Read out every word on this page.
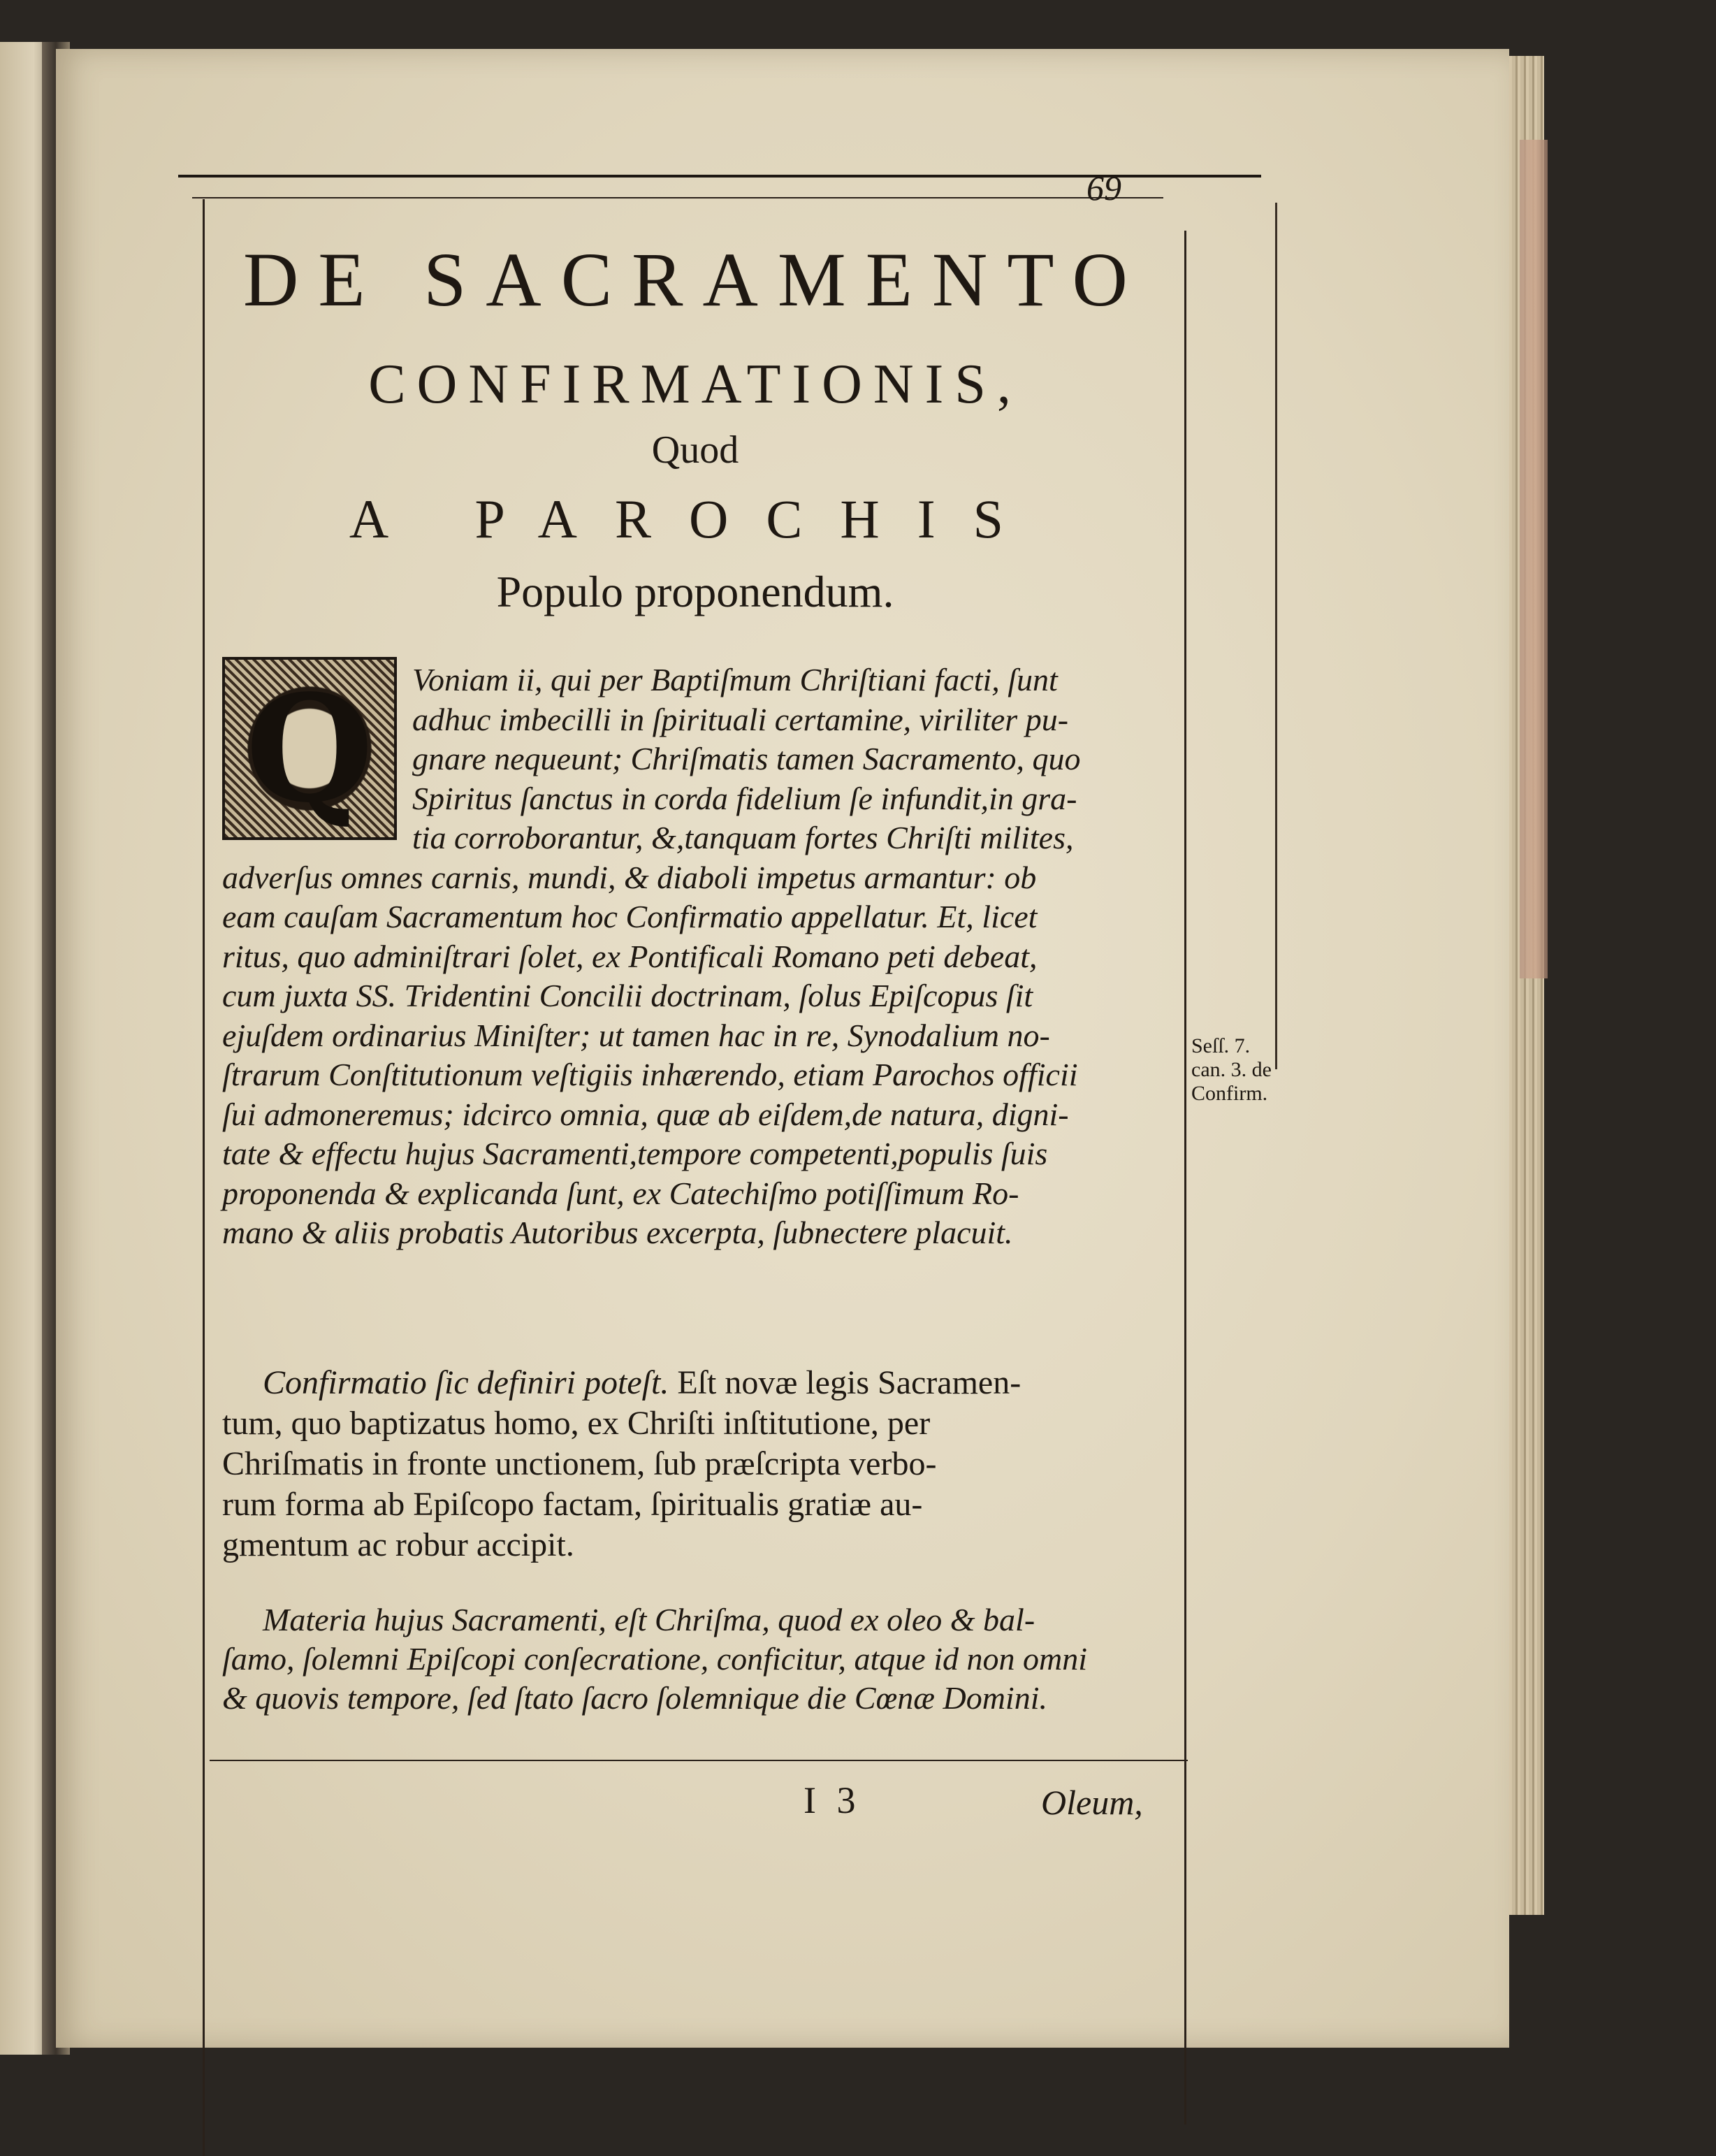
69
DE SACRAMENTO
CONFIRMATIONIS,
Quod
A PAROCHIS
Populo proponendum.
Voniam ii, qui per Baptiſmum Chriſtiani facti, ſunt
adhuc imbecilli in ſpirituali certamine, viriliter pu-
gnare nequeunt; Chriſmatis tamen Sacramento, quo
Spiritus ſanctus in corda fidelium ſe infundit,in gra-
tia corroborantur, &,tanquam fortes Chriſti milites,
adverſus omnes carnis, mundi, & diaboli impetus armantur: ob
eam cauſam Sacramentum hoc Confirmatio appellatur. Et, licet
ritus, quo adminiſtrari ſolet, ex Pontificali Romano peti debeat,
cum juxta SS. Tridentini Concilii doctrinam, ſolus Epiſcopus ſit
ejuſdem ordinarius Miniſter; ut tamen hac in re, Synodalium no-
ſtrarum Conſtitutionum veſtigiis inhærendo, etiam Parochos officii
ſui admoneremus; idcirco omnia, quæ ab eiſdem,de natura, digni-
tate & effectu hujus Sacramenti,tempore competenti,populis ſuis
proponenda & explicanda ſunt, ex Catechiſmo potiſſimum Ro-
mano & aliis probatis Autoribus excerpta, ſubnectere placuit.
Q
Confirmatio ſic definiri poteſt. Eſt novæ legis Sacramen-
tum, quo baptizatus homo, ex Chriſti inſtitutione, per
Chriſmatis in fronte unctionem, ſub præſcripta verbo-
rum forma ab Epiſcopo factam, ſpiritualis gratiæ au-
gmentum ac robur accipit.
Materia hujus Sacramenti, eſt Chriſma, quod ex oleo & bal-
ſamo, ſolemni Epiſcopi conſecratione, conficitur, atque id non omni
& quovis tempore, ſed ſtato ſacro ſolemnique die Cœnæ Domini.
Seſſ. 7.
can. 3. de
Confirm.
I 3	Oleum,
